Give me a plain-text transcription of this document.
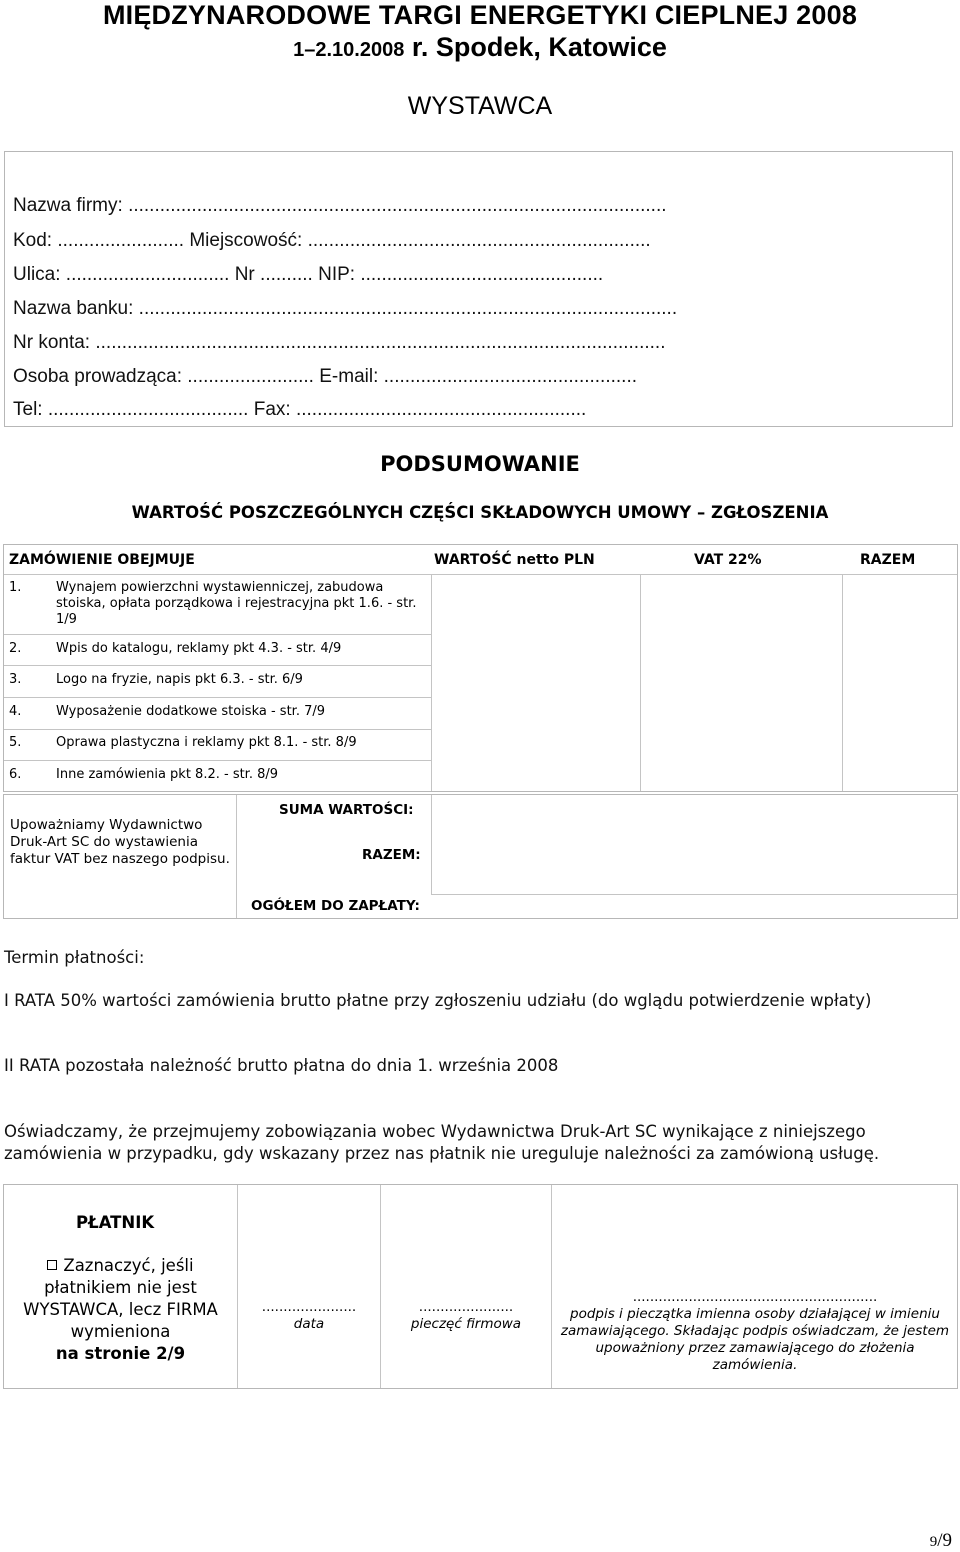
MIĘDZYNARODOWE TARGI ENERGETYKI CIEPLNEJ 2008
1–2.10.2008 r. Spodek, Katowice
WYSTAWCA
Nazwa firmy: ......................................................................................................
Kod: ........................ Miejscowość: .................................................................
Ulica: ............................... Nr .......... NIP: ..............................................
Nazwa banku: ......................................................................................................
Nr konta: ............................................................................................................
Osoba prowadząca: ........................ E-mail: ................................................
Tel: ...................................... Fax: .......................................................
PODSUMOWANIE
WARTOŚĆ POSZCZEGÓLNYCH CZĘŚCI SKŁADOWYCH UMOWY – ZGŁOSZENIA
ZAMÓWIENIE OBEJMUJE	WARTOŚĆ netto PLN	VAT 22%	RAZEM
1.	Wynajem powierzchni wystawienniczej, zabudowa stoiska, opłata porządkowa i rejestracyjna pkt 1.6. - str. 1/9
2.	Wpis do katalogu, reklamy pkt 4.3. - str. 4/9
3.	Logo na fryzie, napis pkt 6.3. - str. 6/9
4.	Wyposażenie dodatkowe stoiska - str. 7/9
5.	Oprawa plastyczna i reklamy pkt 8.1. - str. 8/9
6.	Inne zamówienia pkt 8.2. - str. 8/9
Upoważniamy Wydawnictwo Druk-Art SC do wystawienia faktur VAT bez naszego podpisu.
SUMA WARTOŚCI:
RAZEM:
OGÓŁEM DO ZAPŁATY:
Termin płatności:
I RATA 50% wartości zamówienia brutto płatne przy zgłoszeniu udziału (do wglądu potwierdzenie wpłaty)
II RATA pozostała należność brutto płatna do dnia 1. września 2008
Oświadczamy, że przejmujemy zobowiązania wobec Wydawnictwa Druk-Art SC wynikające z niniejszego zamówienia w przypadku, gdy wskazany przez nas płatnik nie ureguluje należności za zamówioną usługę.
PŁATNIK
Zaznaczyć, jeśli
płatnikiem nie jest
WYSTAWCA, lecz FIRMA
wymieniona
na stronie 2/9
......................
data
......................
pieczęć firmowa
.........................................................
podpis i pieczątka imienna osoby działającej w imieniu zamawiającego. Składając podpis oświadczam, że jestem upoważniony przez zamawiającego do złożenia zamówienia.
9/9
